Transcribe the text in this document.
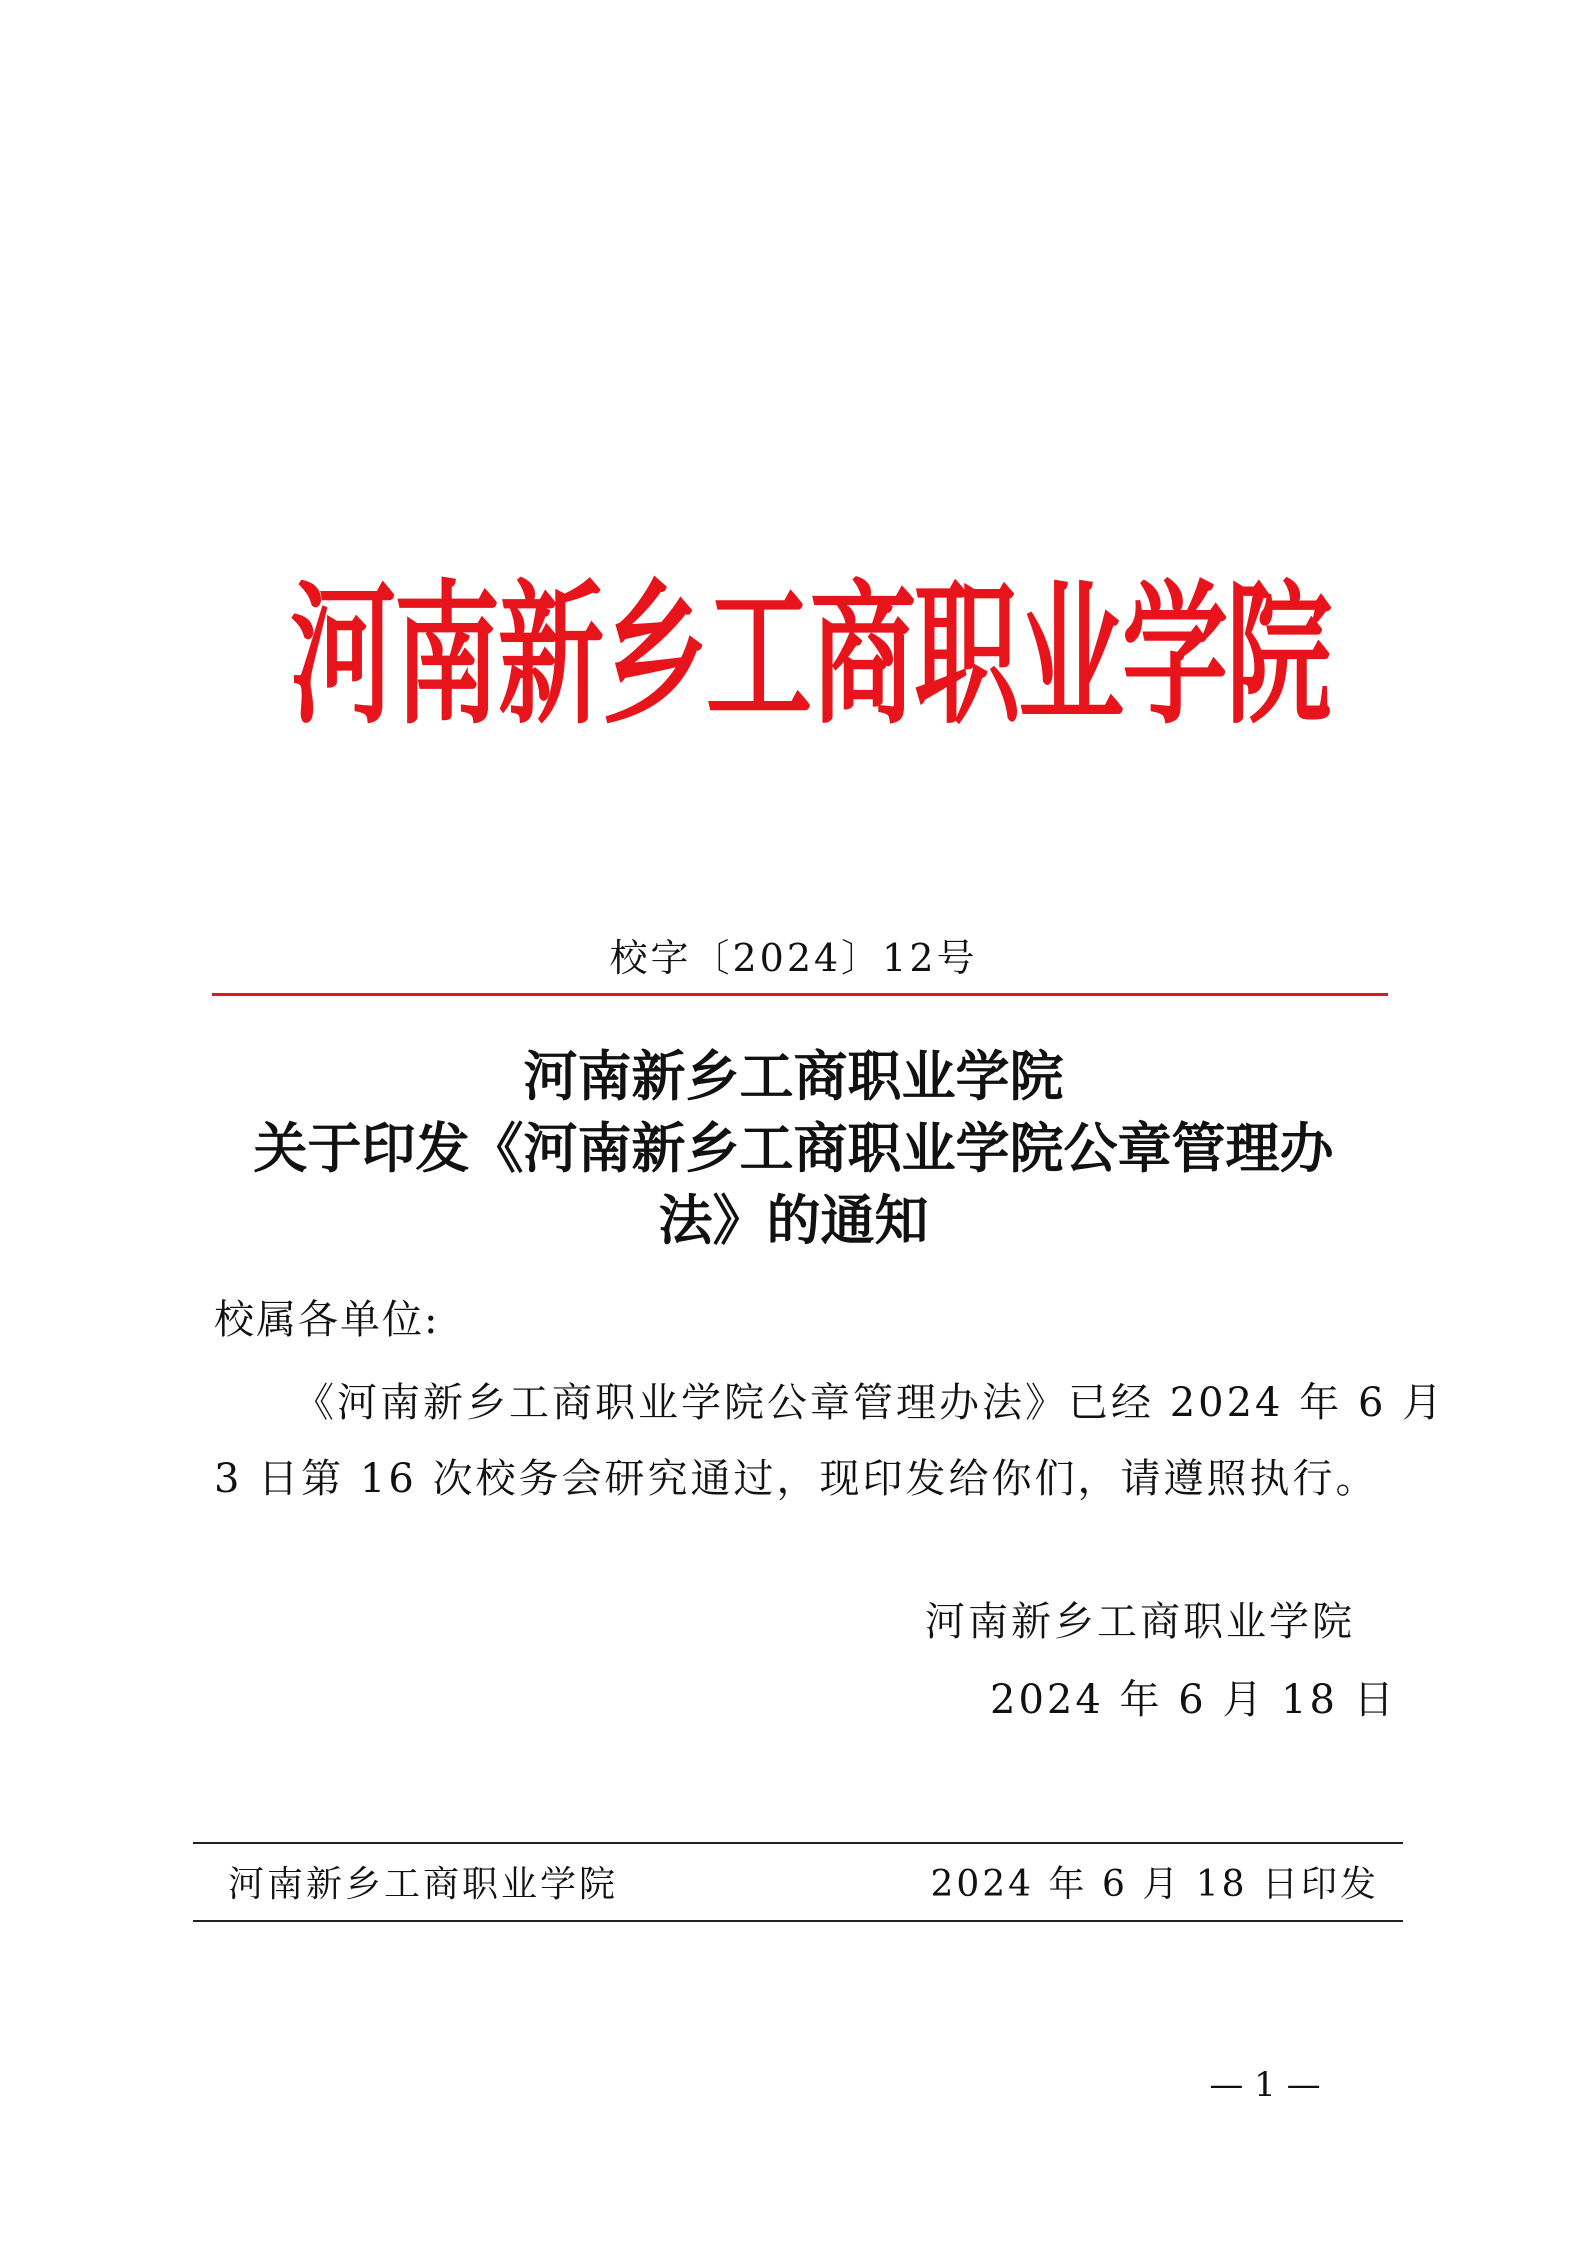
河南新乡工商职业学院
校字〔2024〕12号
河南新乡工商职业学院
关于印发《河南新乡工商职业学院公章管理办
法》的通知
校属各单位:
《河南新乡工商职业学院公章管理办法》已经 2024 年 6 月
3 日第 16 次校务会研究通过，现印发给你们，请遵照执行。
河南新乡工商职业学院
2024 年 6 月 18 日
河南新乡工商职业学院	2024 年 6 月 18 日印发
— 1 —
